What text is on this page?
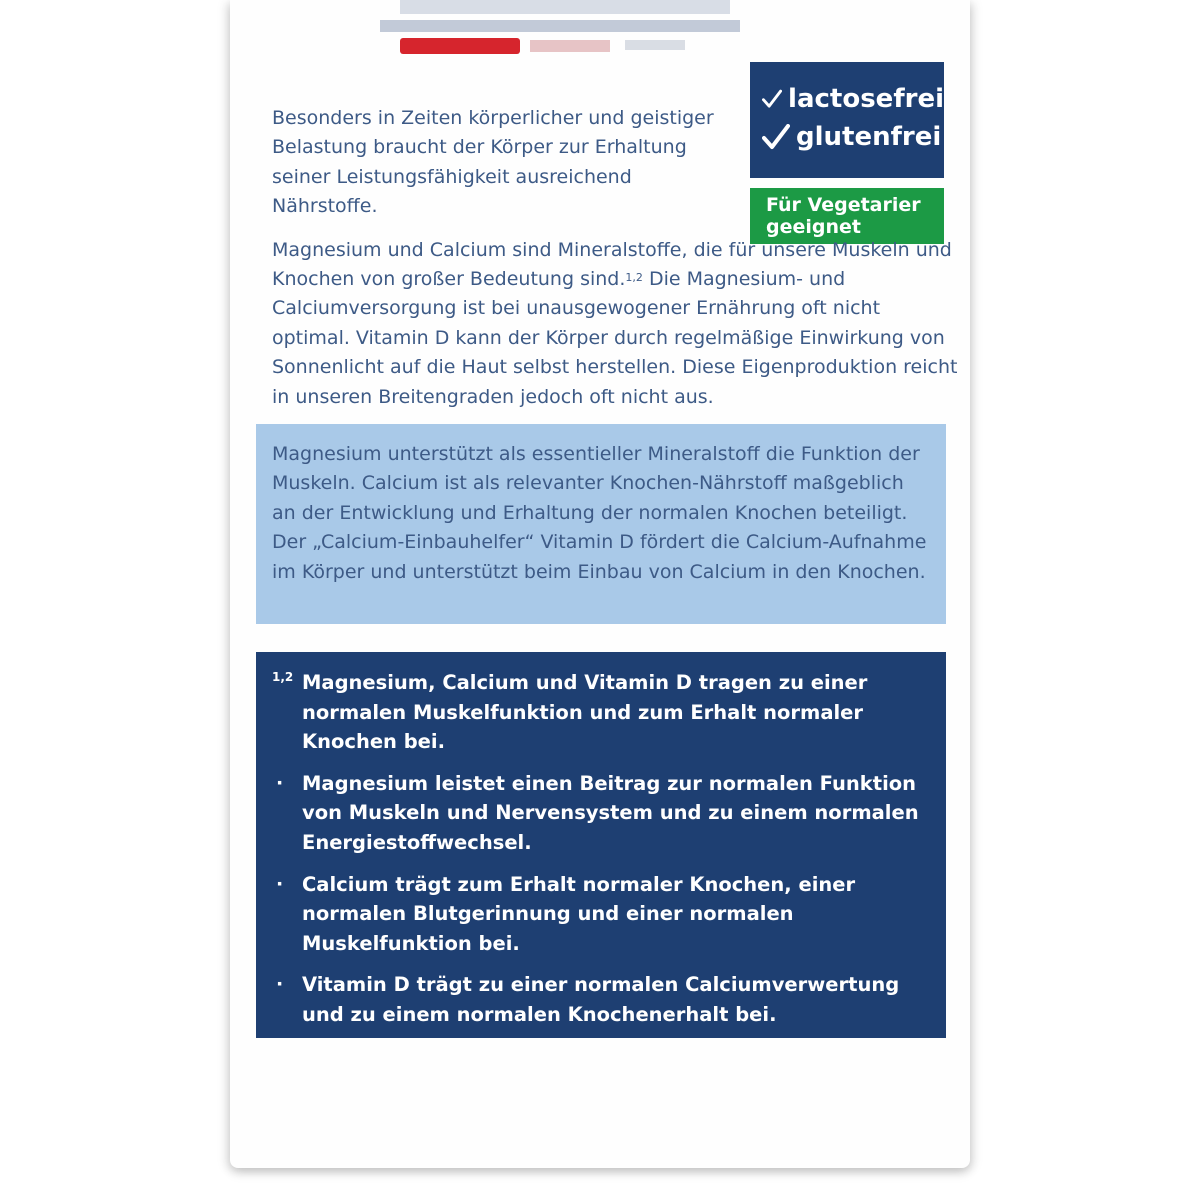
lactosefrei
glutenfrei
Für Vegetarier geeignet

Besonders in Zeiten körperlicher und geistiger Belastung braucht der Körper zur Erhaltung seiner Leistungsfähigkeit ausreichend Nährstoffe.

Magnesium und Calcium sind Mineralstoffe, die für unsere Muskeln und Knochen von großer Bedeutung sind.$^{1,2}$ Die Magnesium- und Calciumversorgung ist bei unausgewogener Ernährung oft nicht optimal. Vitamin D kann der Körper durch regelmäßige Einwirkung von Sonnenlicht auf die Haut selbst herstellen. Diese Eigenproduktion reicht in unseren Breitengraden jedoch oft nicht aus.

Magnesium unterstützt als essentieller Mineralstoff die Funktion der Muskeln. Calcium ist als relevanter Knochen-Nährstoff maßgeblich an der Entwicklung und Erhaltung der normalen Knochen beteiligt. Der „Calcium-Einbauhelfer“ Vitamin D fördert die Calcium-Aufnahme im Körper und unterstützt beim Einbau von Calcium in den Knochen.
1,2 Magnesium, Calcium und Vitamin D tragen zu einer normalen Muskelfunktion und zum Erhalt normaler Knochen bei.
· Magnesium leistet einen Beitrag zur normalen Funktion von Muskeln und Nervensystem und zu einem normalen Energiestoffwechsel.
· Calcium trägt zum Erhalt normaler Knochen, einer normalen Blutgerinnung und einer normalen Muskelfunktion bei.
· Vitamin D trägt zu einer normalen Calciumverwertung und zu einem normalen Knochenerhalt bei.
